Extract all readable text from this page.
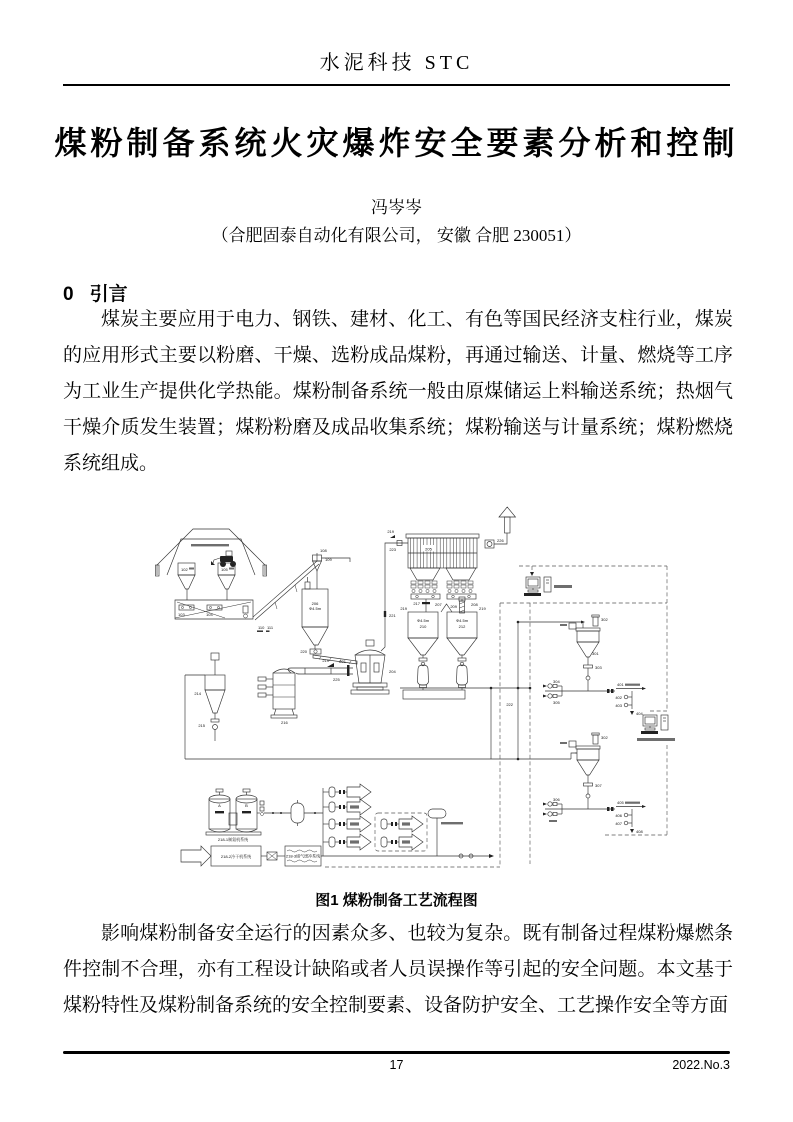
水泥科技 STC
煤粉制备系统火灾爆炸安全要素分析和控制
冯岑岑
（合肥固泰自动化有限公司， 安徽 合肥 230051）
0 引言
煤炭主要应用于电力、钢铁、建材、化工、有色等国民经济支柱行业，煤炭的应用形式主要以粉磨、干燥、选粉成品煤粉，再通过输送、计量、燃烧等工序为工业生产提供化学热能。煤粉制备系统一般由原煤储运上料输送系统；热烟气干燥介质发生装置；煤粉粉磨及成品收集系统；煤粉输送与计量系统；煤粉燃烧系统组成。
102	105
103	104
110 111
108
109
206
Φ4.5m
220
204
221
216
219
225
221
214
215
205
219
223
226
207	208
217
209
219	219
Φ4.5m
210
Φ4.5m
212
222
302
301
303
304
305
401
402
403
404
302
307
306
405
406
407
408
A	B
218-1制氮机系统
218-2冷干机系统	218-3储气缓冲系统
图1 煤粉制备工艺流程图
影响煤粉制备安全运行的因素众多、也较为复杂。既有制备过程煤粉爆燃条件控制不合理，亦有工程设计缺陷或者人员误操作等引起的安全问题。本文基于煤粉特性及煤粉制备系统的安全控制要素、设备防护安全、工艺操作安全等方面
17	2022.No.3
